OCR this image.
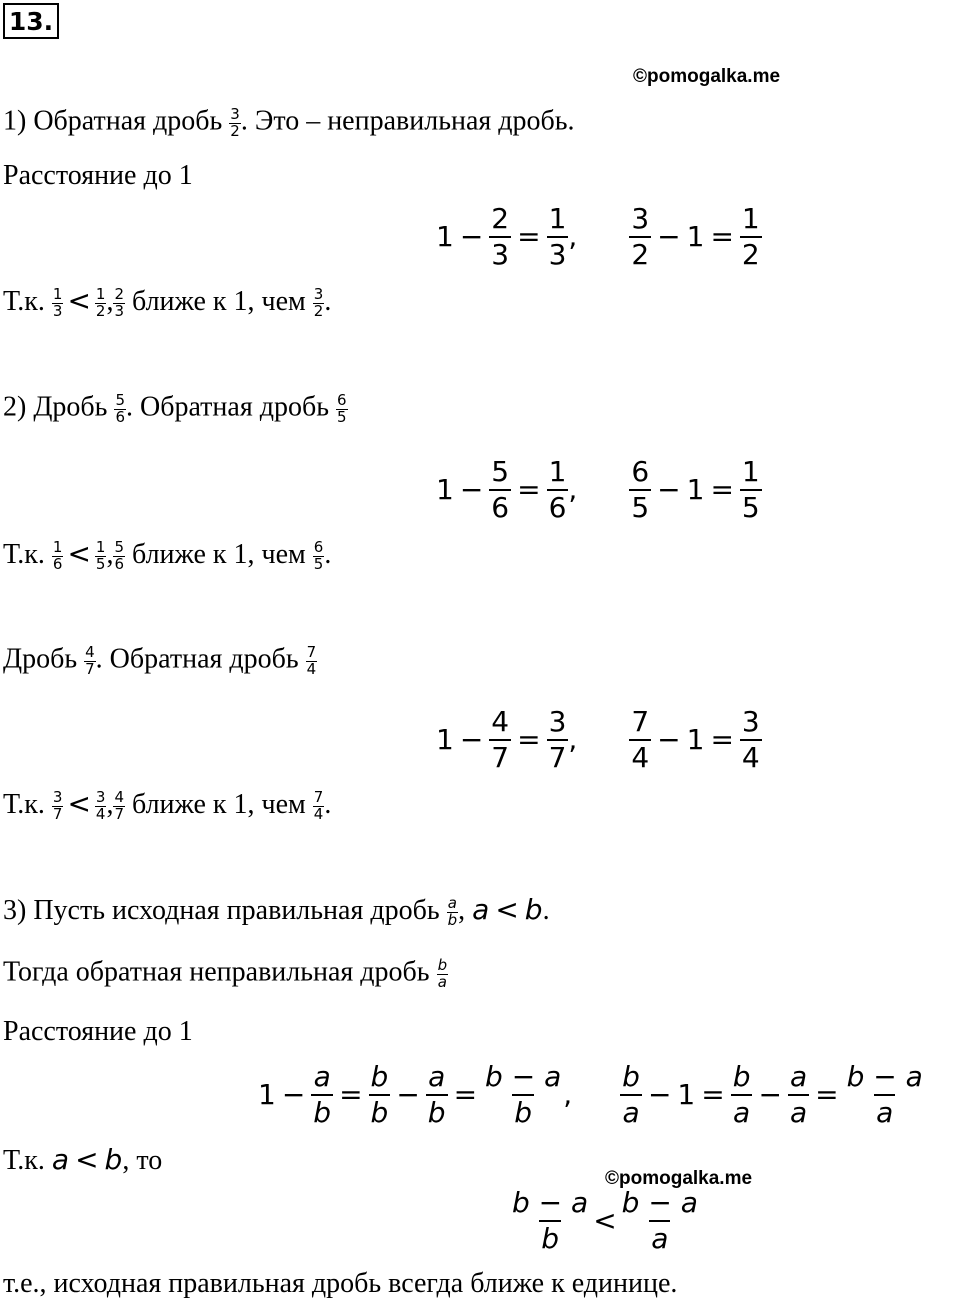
13.
©pomogalka.me
1) Обратная дробь $\frac{3}{2}$ . Это – неправильная дробь.
Расстояние до 1
$1 - \frac{2}{3} = \frac{1}{3}$ ,
3
2
− $1 = \frac{1}{2}$
Т.к. $\frac{1}{3} < \frac{1}{2}$ , $\frac{2}{3}$ ближе к 1, чем $\frac{3}{2}$ .
2) Дробь $\frac{5}{6}$ . Обратная дробь $\frac{6}{5}$
$1 - \frac{5}{6} = \frac{1}{6}$ ,
6
5
− $1 = \frac{1}{5}$
Т.к. $\frac{1}{6} < \frac{1}{5}$ , $\frac{5}{6}$ ближе к 1, чем $\frac{6}{5}$ .
Дробь $\frac{4}{7}$ . Обратная дробь $\frac{7}{4}$
$1 - \frac{4}{7} = \frac{3}{7}$ ,
7
4
− $1 = \frac{3}{4}$
Т.к. $\frac{3}{7} < \frac{3}{4}$ , $\frac{4}{7}$ ближе к 1, чем $\frac{7}{4}$ .
3) Пусть исходная правильная дробь $\frac{a}{b}$ , a < b.
Тогда обратная неправильная дробь $\frac{b}{a}$
Расстояние до 1
$1 - \frac{a}{b} = \frac{b}{b} - \frac{a}{b} = \frac{b - a}{b}$ ,
b
a
− $1 = \frac{b}{a} - \frac{a}{a} = \frac{b - a}{a}$
Т.к. a < b, то
©pomogalka.me
b − a
b
<
b − a
a
т.е., исходная правильная дробь всегда ближе к единице.
